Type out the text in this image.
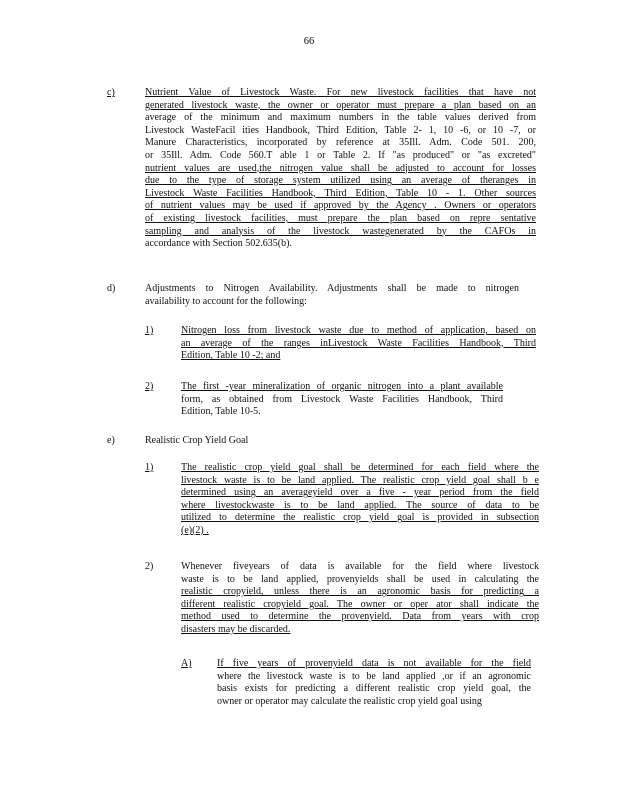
66
c)	Nutrient Value of Livestock Waste. For new livestock facilities that have not
generated livestock waste, the owner or operator must prepare a plan based on an
average of the minimum and maximum numbers in the table values derived from
Livestock WasteFacil ities Handbook, Third Edition, Table 2- 1, 10 -6, or 10 -7, or
Manure Characteristics, incorporated by reference at 35Ill. Adm. Code 501. 200,
or 35Ill. Adm. Code 560.T able 1 or Table 2. If "as produced" or "as excreted"
nutrient values are used,the nitrogen value shall be adjusted to account for losses
due to the type of storage system utilized using an average of theranges in
Livestock Waste Facilities Handbook, Third Edition, Table 10 - 1. Other sources
of nutrient values may be used if approved by the Agency . Owners or operators
of existing livestock facilities, must prepare the plan based on repre sentative
sampling and analysis of the livestock wastegenerated by the CAFOs in
accordance with Section 502.635(b).
d)	Adjustments to Nitrogen Availability. Adjustments shall be made to nitrogen
availability to account for the following:
1)	Nitrogen loss from livestock waste due to method of application, based on
an average of the ranges inLivestock Waste Facilities Handbook, Third
Edition, Table 10 -2; and
2)	The first -year mineralization of organic nitrogen into a plant available
form, as obtained from Livestock Waste Facilities Handbook, Third
Edition, Table 10-5.
e)	Realistic Crop Yield Goal
1)	The realistic crop yield goal shall be determined for each field where the
livestock waste is to be land applied. The realistic crop yield goal shall b e
determined using an averageyield over a five - year period from the field
where livestockwaste is to be land applied. The source of data to be
utilized to determine the realistic crop yield goal is provided in subsection
(e)(2) .
2)	Whenever fiveyears of data is available for the field where livestock
waste is to be land applied, provenyields shall be used in calculating the
realistic cropyield, unless there is an agronomic basis for predicting a
different realistic cropyield goal. The owner or oper ator shall indicate the
method used to determine the provenyield. Data from years with crop
disasters may be discarded.
A)	If five years of provenyield data is not available for the field
where the livestock waste is to be land applied ,or if an agronomic
basis exists for predicting a different realistic crop yield goal, the
owner or operator may calculate the realistic crop yield goal using
